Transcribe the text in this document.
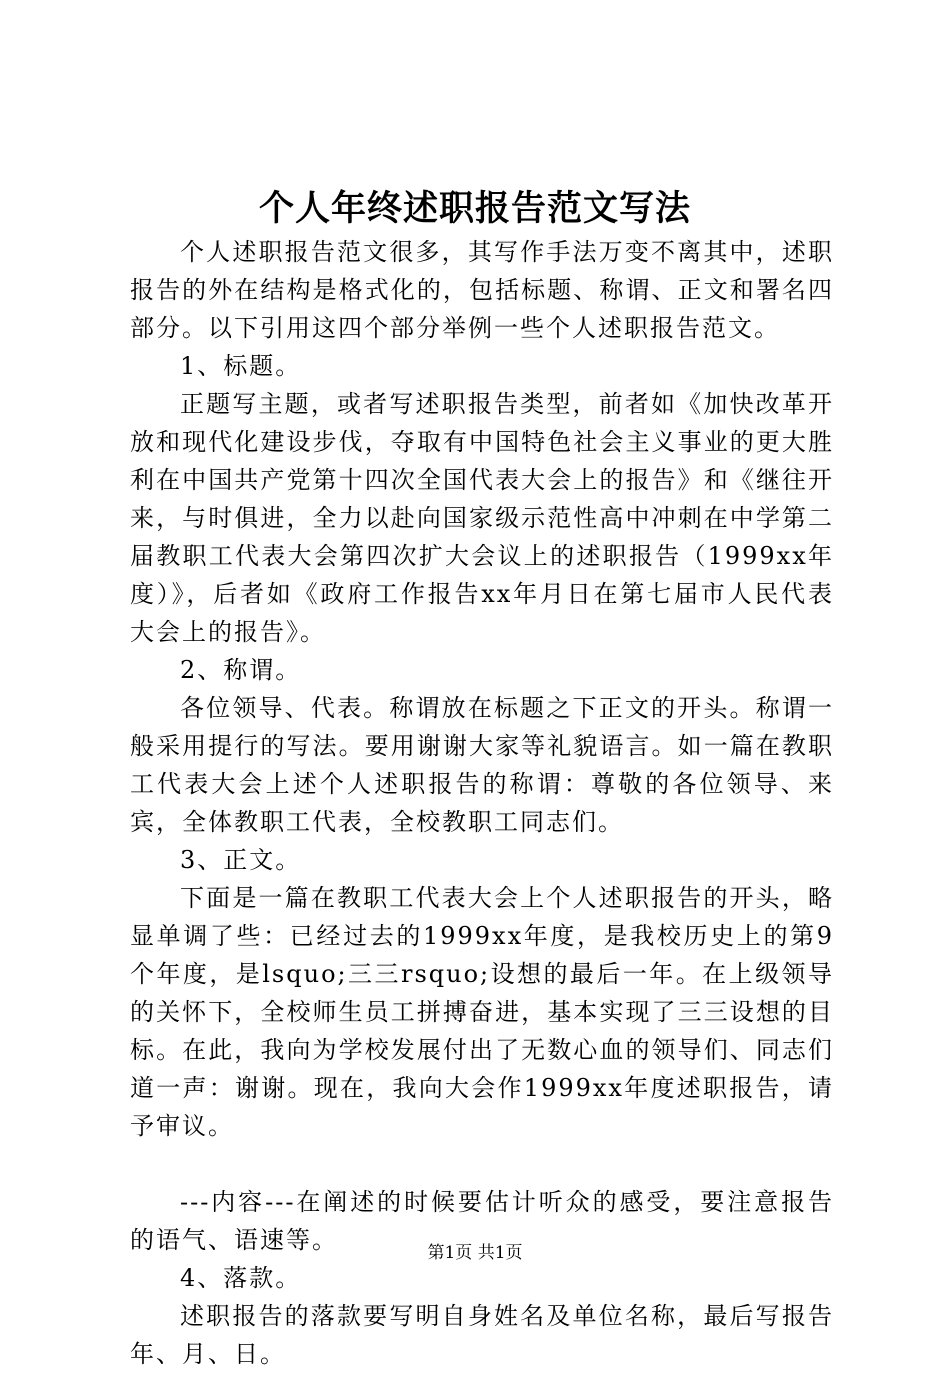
个人年终述职报告范文写法

个人述职报告范文很多，其写作手法万变不离其中，述职报告的外在结构是格式化的，包括标题、称谓、正文和署名四部分。以下引用这四个部分举例一些个人述职报告范文。

1、标题。

正题写主题，或者写述职报告类型，前者如《加快改革开放和现代化建设步伐，夺取有中国特色社会主义事业的更大胜利在中国共产党第十四次全国代表大会上的报告》和《继往开来，与时俱进，全力以赴向国家级示范性高中冲刺在中学第二届教职工代表大会第四次扩大会议上的述职报告（1999xx年度）》，后者如《政府工作报告xx年月日在第七届市人民代表大会上的报告》。

2、称谓。

各位领导、代表。称谓放在标题之下正文的开头。称谓一般采用提行的写法。要用谢谢大家等礼貌语言。如一篇在教职工代表大会上述个人述职报告的称谓：尊敬的各位领导、来宾，全体教职工代表，全校教职工同志们。

3、正文。

下面是一篇在教职工代表大会上个人述职报告的开头，略显单调了些：已经过去的1999xx年度，是我校历史上的第9个年度，是lsquo;三三rsquo;设想的最后一年。在上级领导的关怀下，全校师生员工拼搏奋进，基本实现了三三设想的目标。在此，我向为学校发展付出了无数心血的领导们、同志们道一声：谢谢。现在，我向大会作1999xx年度述职报告，请予审议。

---内容---在阐述的时候要估计听众的感受，要注意报告的语气、语速等。

4、落款。

述职报告的落款要写明自身姓名及单位名称，最后写报告年、月、日。

第1页 共1页
